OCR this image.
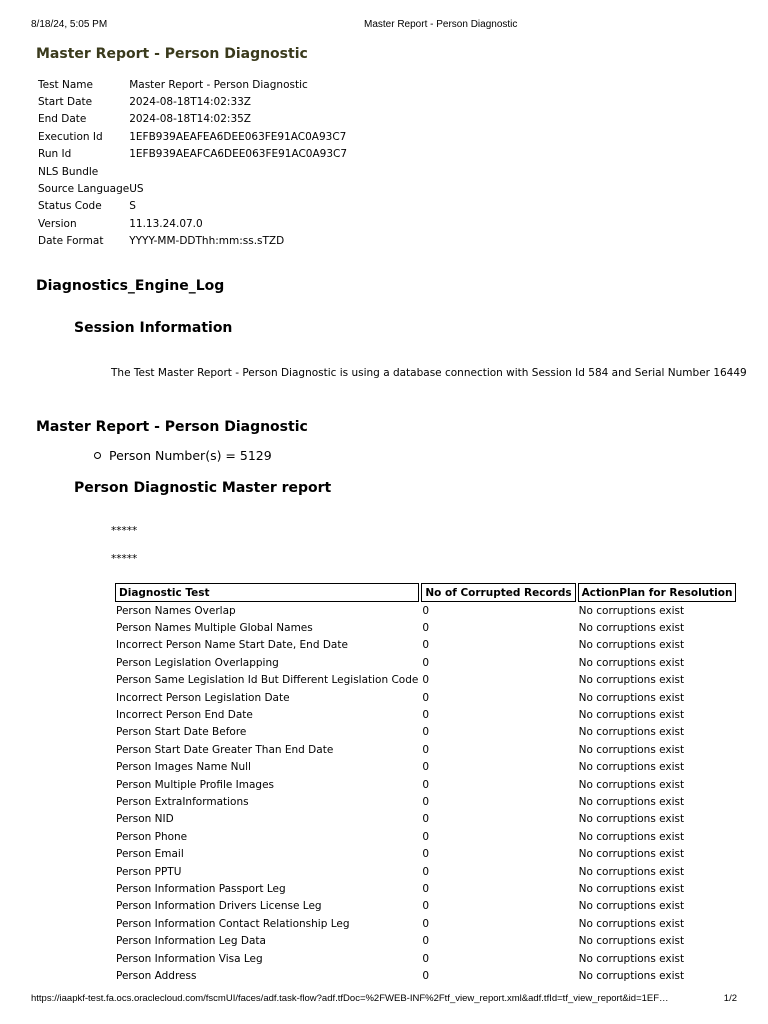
8/18/24, 5:05 PM	Master Report - Person Diagnostic
Master Report - Person Diagnostic
Test Name	Master Report - Person Diagnostic
Start Date	2024-08-18T14:02:33Z
End Date	2024-08-18T14:02:35Z
Execution Id	1EFB939AEAFEA6DEE063FE91AC0A93C7
Run Id	1EFB939AEAFCA6DEE063FE91AC0A93C7
NLS Bundle	
Source Language	US
Status Code	S
Version	11.13.24.07.0
Date Format	YYYY-MM-DDThh:mm:ss.sTZD
Diagnostics_Engine_Log
Session Information

The Test Master Report - Person Diagnostic is using a database connection with Session Id 584 and Serial Number 16449

Master Report - Person Diagnostic
Person Number(s) = 5129
Person Diagnostic Master report

*****

*****

Diagnostic Test	No of Corrupted Records	ActionPlan for Resolution
Person Names Overlap	0	No corruptions exist
Person Names Multiple Global Names	0	No corruptions exist
Incorrect Person Name Start Date, End Date	0	No corruptions exist
Person Legislation Overlapping	0	No corruptions exist
Person Same Legislation Id But Different Legislation Code	0	No corruptions exist
Incorrect Person Legislation Date	0	No corruptions exist
Incorrect Person End Date	0	No corruptions exist
Person Start Date Before	0	No corruptions exist
Person Start Date Greater Than End Date	0	No corruptions exist
Person Images Name Null	0	No corruptions exist
Person Multiple Profile Images	0	No corruptions exist
Person ExtraInformations	0	No corruptions exist
Person NID	0	No corruptions exist
Person Phone	0	No corruptions exist
Person Email	0	No corruptions exist
Person PPTU	0	No corruptions exist
Person Information Passport Leg	0	No corruptions exist
Person Information Drivers License Leg	0	No corruptions exist
Person Information Contact Relationship Leg	0	No corruptions exist
Person Information Leg Data	0	No corruptions exist
Person Information Visa Leg	0	No corruptions exist
Person Address	0	No corruptions exist
https://iaapkf-test.fa.ocs.oraclecloud.com/fscmUI/faces/adf.task-flow?adf.tfDoc=%2FWEB-INF%2Ftf_view_report.xml&adf.tfId=tf_view_report&id=1EF…	1/2
